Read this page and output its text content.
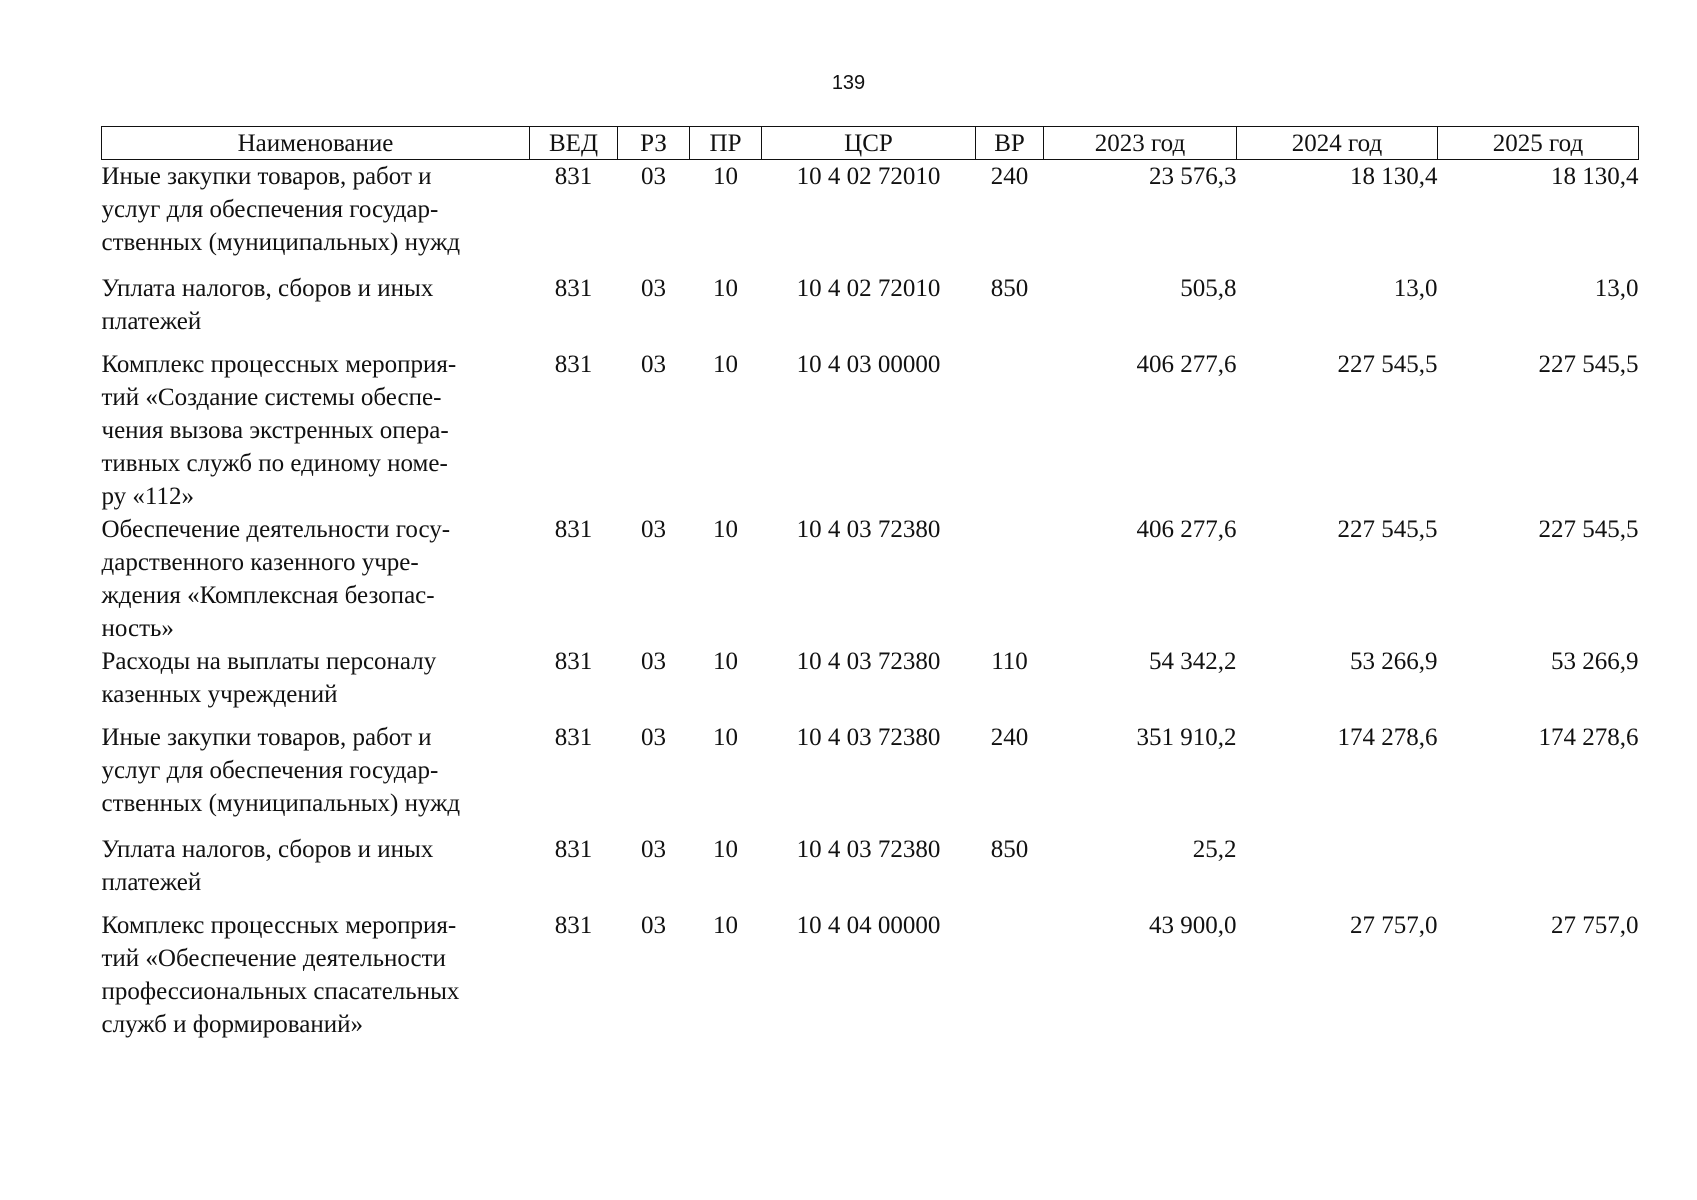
139
Наименование	ВЕД	РЗ	ПР	ЦСР	ВР	2023 год	2024 год	2025 год

Иные закупки товаров, работ и
услуг для обеспечения государ-
ственных (муниципальных) нужд	831	03	10	10 4 02 72010	240	23 576,3	18 130,4	18 130,4

Уплата налогов, сборов и иных
платежей	831	03	10	10 4 02 72010	850	505,8	13,0	13,0

Комплекс процессных мероприя-
тий «Создание системы обеспе-
чения вызова экстренных опера-
тивных служб по единому номе-
ру «112»	831	03	10	10 4 03 00000		406 277,6	227 545,5	227 545,5

Обеспечение деятельности госу-
дарственного казенного учре-
ждения «Комплексная безопас-
ность»	831	03	10	10 4 03 72380		406 277,6	227 545,5	227 545,5

Расходы на выплаты персоналу
казенных учреждений	831	03	10	10 4 03 72380	110	54 342,2	53 266,9	53 266,9

Иные закупки товаров, работ и
услуг для обеспечения государ-
ственных (муниципальных) нужд	831	03	10	10 4 03 72380	240	351 910,2	174 278,6	174 278,6

Уплата налогов, сборов и иных
платежей	831	03	10	10 4 03 72380	850	25,2		

Комплекс процессных мероприя-
тий «Обеспечение деятельности
профессиональных спасательных
служб и формирований»	831	03	10	10 4 04 00000		43 900,0	27 757,0	27 757,0
